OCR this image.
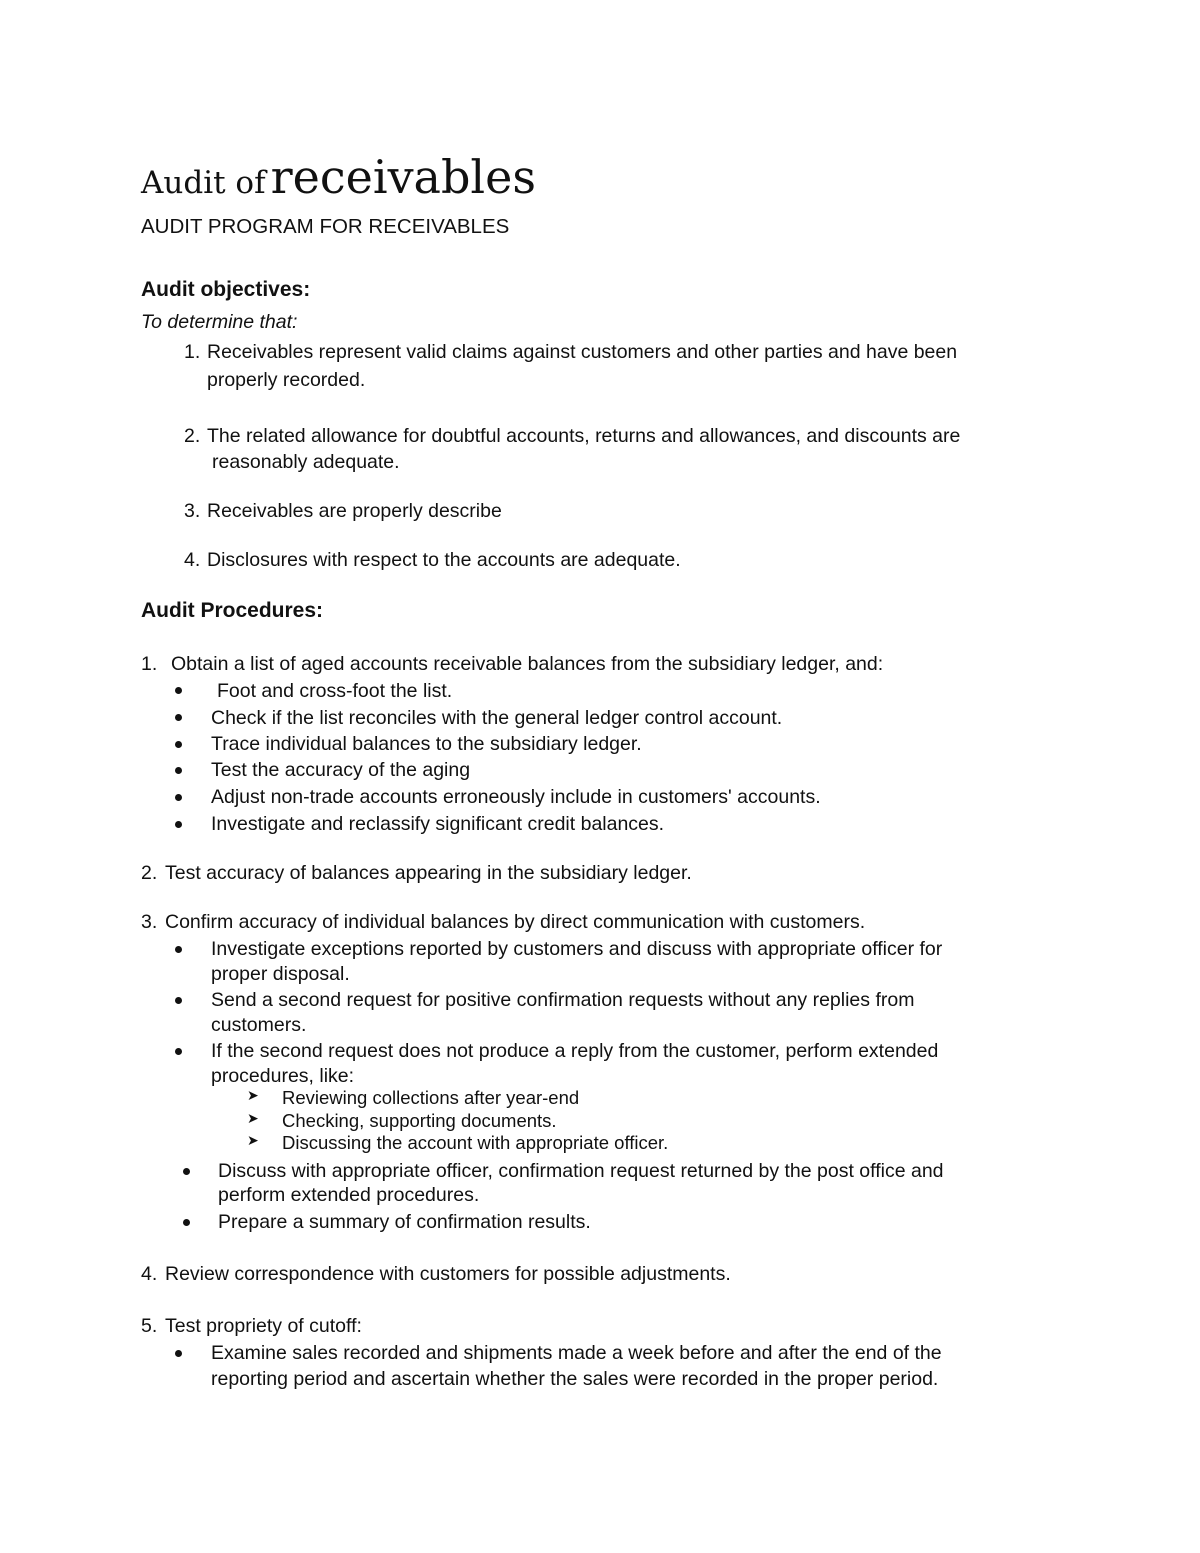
Audit of receivables
AUDIT PROGRAM FOR RECEIVABLES
Audit objectives:
To determine that:
1. Receivables represent valid claims against customers and other parties and have been
properly recorded.
2. The related allowance for doubtful accounts, returns and allowances, and discounts are
reasonably adequate.
3. Receivables are properly describe
4. Disclosures with respect to the accounts are adequate.
Audit Procedures:
1. Obtain a list of aged accounts receivable balances from the subsidiary ledger, and:
Foot and cross-foot the list.
Check if the list reconciles with the general ledger control account.
Trace individual balances to the subsidiary ledger.
Test the accuracy of the aging
Adjust non-trade accounts erroneously include in customers' accounts.
Investigate and reclassify significant credit balances.
2. Test accuracy of balances appearing in the subsidiary ledger.
3. Confirm accuracy of individual balances by direct communication with customers.
Investigate exceptions reported by customers and discuss with appropriate officer for
proper disposal.
Send a second request for positive confirmation requests without any replies from
customers.
If the second request does not produce a reply from the customer, perform extended
procedures, like:
➤ Reviewing collections after year-end
➤ Checking, supporting documents.
➤ Discussing the account with appropriate officer.
Discuss with appropriate officer, confirmation request returned by the post office and
perform extended procedures.
Prepare a summary of confirmation results.
4. Review correspondence with customers for possible adjustments.
5. Test propriety of cutoff:
Examine sales recorded and shipments made a week before and after the end of the
reporting period and ascertain whether the sales were recorded in the proper period.
